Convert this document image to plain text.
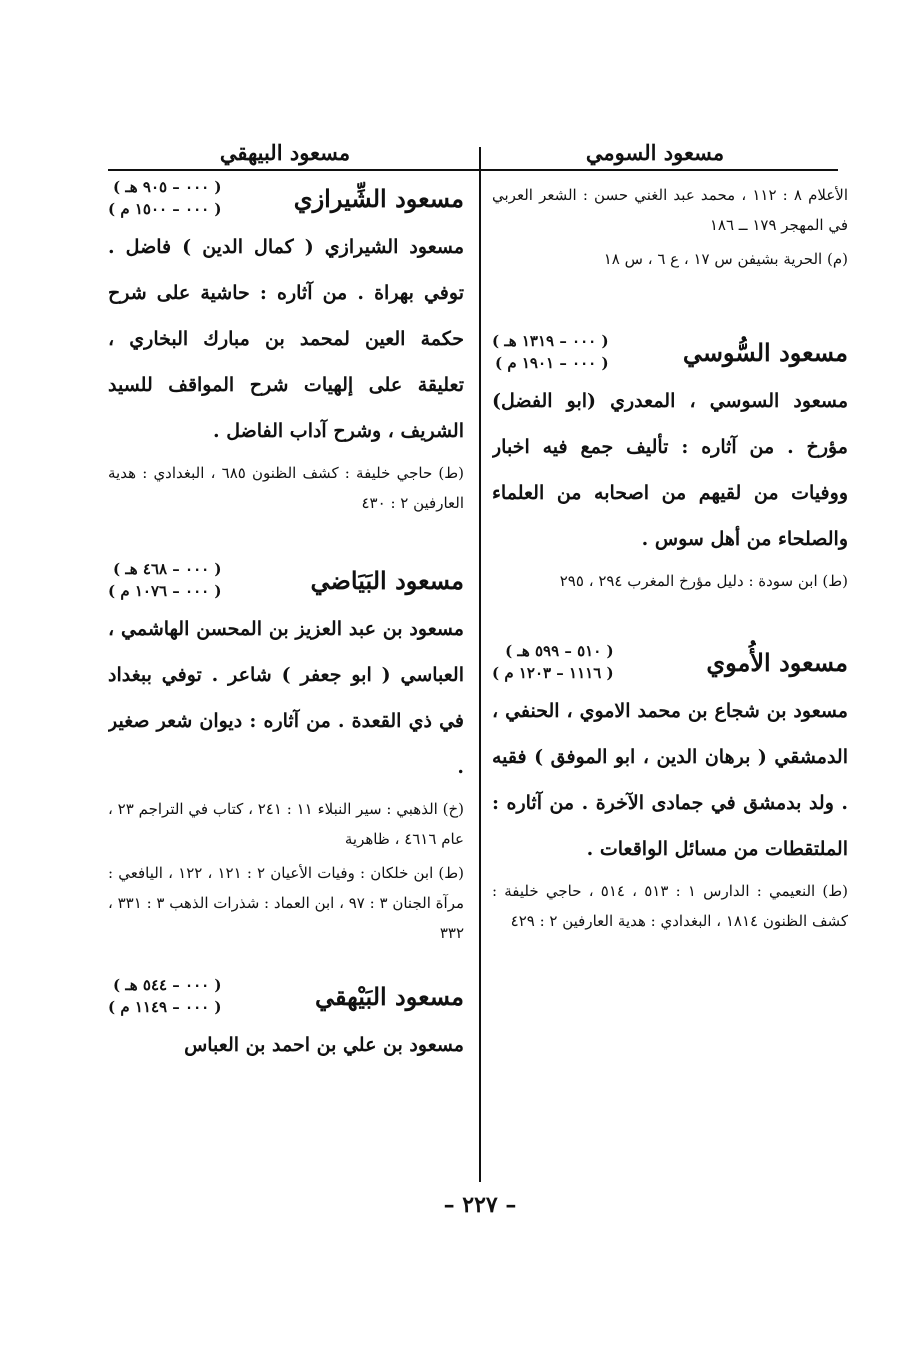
مسعود السومي
مسعود البيهقي

الأعلام ٨ : ١١٢ ، محمد عبد الغني حسن : الشعر العربي في المهجر ١٧٩ ــ ١٨٦

(م) الحرية بشيفن س ١٧ ، ع ٦ ، س ١٨

مسعود السُّوسي
( ٠٠٠ – ١٣١٩ هـ )
( ٠٠٠ – ١٩٠١ م )

مسعود السوسي ، المعدري (ابو الفضل) مؤرخ . من آثاره : تأليف جمع فيه اخبار ووفيات من لقيهم من اصحابه من العلماء والصلحاء من أهل سوس .

(ط) ابن سودة : دليل مؤرخ المغرب ٢٩٤ ، ٢٩٥

مسعود الأُموي
( ٥١٠ – ٥٩٩ هـ )
( ١١١٦ – ١٢٠٣ م )

مسعود بن شجاع بن محمد الاموي ، الحنفي ، الدمشقي ( برهان الدين ، ابو الموفق ) فقيه . ولد بدمشق في جمادى الآخرة . من آثاره : الملتقطات من مسائل الواقعات .

(ط) النعيمي : الدارس ١ : ٥١٣ ، ٥١٤ ، حاجي خليفة : كشف الظنون ١٨١٤ ، البغدادي : هدية العارفين ٢ : ٤٢٩

مسعود الشِّيرازي
( ٠٠٠ – ٩٠٥ هـ )
( ٠٠٠ – ١٥٠٠ م )

مسعود الشيرازي ( كمال الدين ) فاضل . توفي بهراة . من آثاره : حاشية على شرح حكمة العين لمحمد بن مبارك البخاري ، تعليقة على إلهيات شرح المواقف للسيد الشريف ، وشرح آداب الفاضل .

(ط) حاجي خليفة : كشف الظنون ٦٨٥ ، البغدادي : هدية العارفين ٢ : ٤٣٠

مسعود البَيَاضي
( ٠٠٠ – ٤٦٨ هـ )
( ٠٠٠ – ١٠٧٦ م )

مسعود بن عبد العزيز بن المحسن الهاشمي ، العباسي ( ابو جعفر ) شاعر . توفي ببغداد في ذي القعدة . من آثاره : ديوان شعر صغير .

(خ) الذهبي : سير النبلاء ١١ : ٢٤١ ، كتاب في التراجم ٢٣ ، عام ٤٦١٦ ، ظاهرية

(ط) ابن خلكان : وفيات الأعيان ٢ : ١٢١ ، ١٢٢ ، اليافعي : مرآة الجنان ٣ : ٩٧ ، ابن العماد : شذرات الذهب ٣ : ٣٣١ ، ٣٣٢

مسعود البَيْهقي
( ٠٠٠ – ٥٤٤ هـ )
( ٠٠٠ – ١١٤٩ م )

مسعود بن علي بن احمد بن العباس

– ٢٢٧ –
